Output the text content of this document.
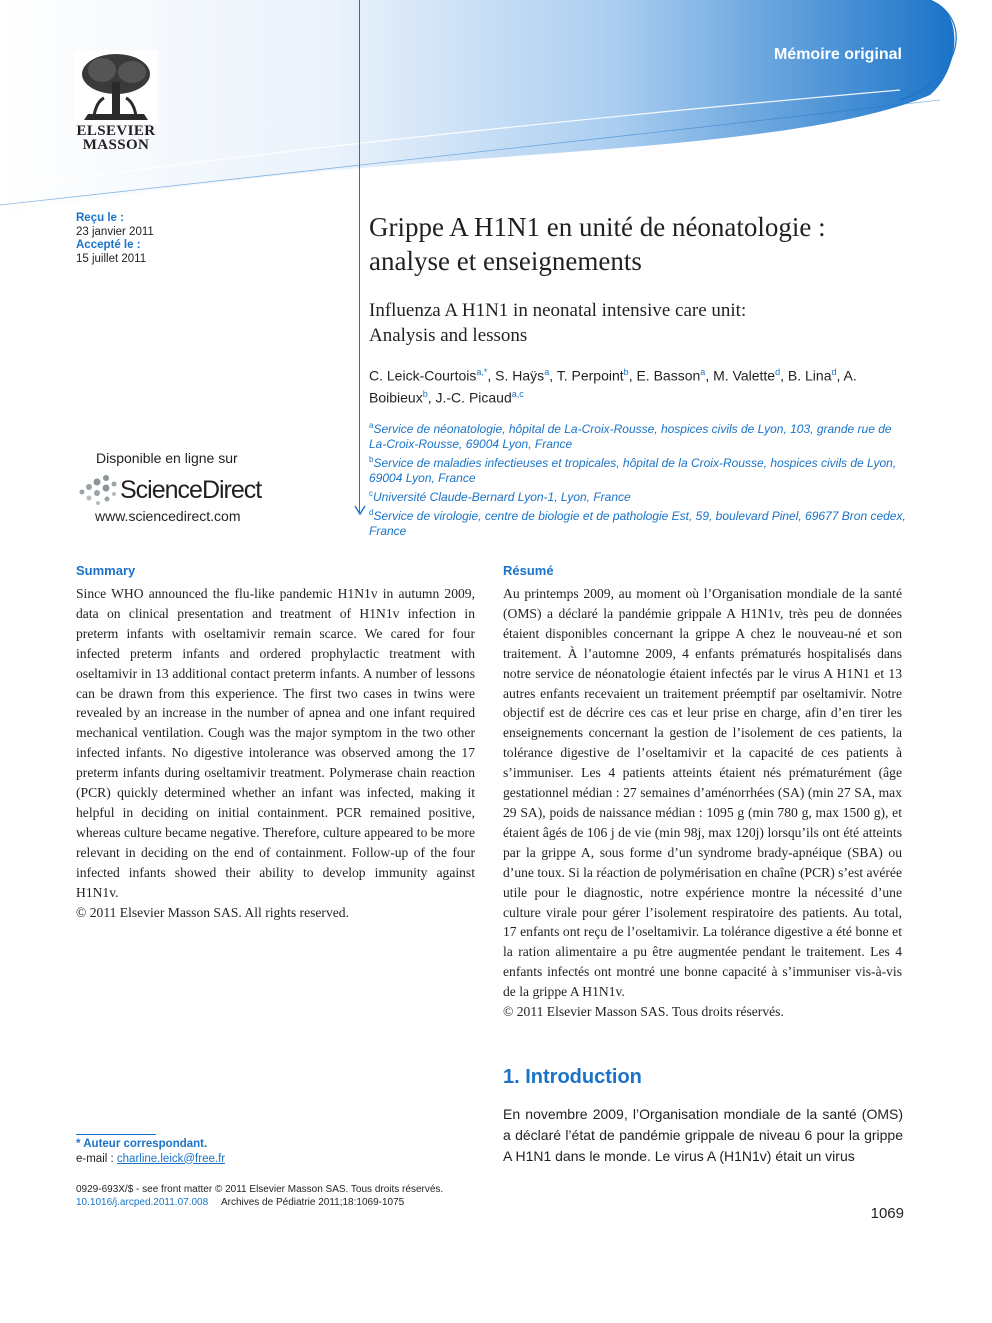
Mémoire original
ELSEVIER
MASSON
Reçu le :
23 janvier 2011
Accepté le :
15 juillet 2011
Disponible en ligne sur
ScienceDirect
www.sciencedirect.com
Grippe A H1N1 en unité de néonatologie :
analyse et enseignements
Influenza A H1N1 in neonatal intensive care unit:
Analysis and lessons
C. Leick-Courtois$^{a,*}$, S. Haÿs$^a$, T. Perpoint$^b$, E. Basson$^a$, M. Valette$^d$, B. Lina$^d$, A. Boibieux$^b$, J.-C. Picaud$^{a,c}$
$^a$Service de néonatologie, hôpital de La-Croix-Rousse, hospices civils de Lyon, 103, grande rue de La-Croix-Rousse, 69004 Lyon, France
$^b$Service de maladies infectieuses et tropicales, hôpital de la Croix-Rousse, hospices civils de Lyon, 69004 Lyon, France
$^c$Université Claude-Bernard Lyon-1, Lyon, France
$^d$Service de virologie, centre de biologie et de pathologie Est, 59, boulevard Pinel, 69677 Bron cedex, France
Summary
Since WHO announced the flu-like pandemic H1N1v in autumn 2009, data on clinical presentation and treatment of H1N1v infection in preterm infants with oseltamivir remain scarce. We cared for four infected preterm infants and ordered prophylactic treatment with oseltamivir in 13 additional contact preterm infants. A number of lessons can be drawn from this experience. The first two cases in twins were revealed by an increase in the number of apnea and one infant required mechanical ventilation. Cough was the major symptom in the two other infected infants. No digestive intolerance was observed among the 17 preterm infants during oseltamivir treatment. Polymerase chain reaction (PCR) quickly determined whether an infant was infected, making it helpful in deciding on initial containment. PCR remained positive, whereas culture became negative. Therefore, culture appeared to be more relevant in deciding on the end of containment. Follow-up of the four infected infants showed their ability to develop immunity against H1N1v.
© 2011 Elsevier Masson SAS. All rights reserved.
Résumé
Au printemps 2009, au moment où l’Organisation mondiale de la santé (OMS) a déclaré la pandémie grippale A H1N1v, très peu de données étaient disponibles concernant la grippe A chez le nouveau-né et son traitement. À l’automne 2009, 4 enfants prématurés hospitalisés dans notre service de néonatologie étaient infectés par le virus A H1N1 et 13 autres enfants recevaient un traitement préemptif par oseltamivir. Notre objectif est de décrire ces cas et leur prise en charge, afin d’en tirer les enseignements concernant la gestion de l’isolement de ces patients, la tolérance digestive de l’oseltamivir et la capacité de ces patients à s’immuniser. Les 4 patients atteints étaient nés prématurément (âge gestationnel médian : 27 semaines d’aménorrhées (SA) (min 27 SA, max 29 SA), poids de naissance médian : 1095 g (min 780 g, max 1500 g), et étaient âgés de 106 j de vie (min 98j, max 120j) lorsqu’ils ont été atteints par la grippe A, sous forme d’un syndrome brady-apnéique (SBA) ou d’une toux. Si la réaction de polymérisation en chaîne (PCR) s’est avérée utile pour le diagnostic, notre expérience montre la nécessité d’une culture virale pour gérer l’isolement respiratoire des patients. Au total, 17 enfants ont reçu de l’oseltamivir. La tolérance digestive a été bonne et la ration alimentaire a pu être augmentée pendant le traitement. Les 4 enfants infectés ont montré une bonne capacité à s’immuniser vis-à-vis de la grippe A H1N1v.
© 2011 Elsevier Masson SAS. Tous droits réservés.
1. Introduction
En novembre 2009, l’Organisation mondiale de la santé (OMS) a déclaré l’état de pandémie grippale de niveau 6 pour la grippe A H1N1 dans le monde. Le virus A (H1N1v) était un virus
* Auteur correspondant.
e-mail : charline.leick@free.fr
0929-693X/$ - see front matter © 2011 Elsevier Masson SAS. Tous droits réservés.
10.1016/j.arcped.2011.07.008 Archives de Pédiatrie 2011;18:1069-1075
1069
